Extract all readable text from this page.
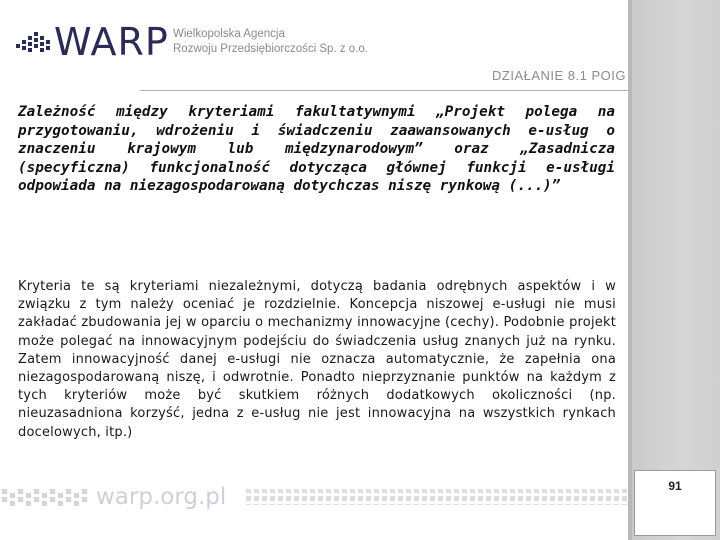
WARP Wielkopolska Agencja
Rozwoju Przedsiębiorczości Sp. z o.o.
DZIAŁANIE 8.1 POIG

Zależność między kryteriami fakultatywnymi „Projekt polega na przygotowaniu, wdrożeniu i świadczeniu zaawansowanych e-usług o znaczeniu krajowym lub międzynarodowym” oraz „Zasadnicza (specyficzna) funkcjonalność dotycząca głównej funkcji e-usługi odpowiada na niezagospodarowaną dotychczas niszę rynkową (...)”

Kryteria te są kryteriami niezależnymi, dotyczą badania odrębnych aspektów i w związku z tym należy oceniać je rozdzielnie. Koncepcja niszowej e-usługi nie musi zakładać zbudowania jej w oparciu o mechanizmy innowacyjne (cechy). Podobnie projekt może polegać na innowacyjnym podejściu do świadczenia usług znanych już na rynku. Zatem innowacyjność danej e-usługi nie oznacza automatycznie, że zapełnia ona niezagospodarowaną niszę, i odwrotnie. Ponadto nieprzyznanie punktów na każdym z tych kryteriów może być skutkiem różnych dodatkowych okoliczności (np. nieuzasadniona korzyść, jedna z e-usług nie jest innowacyjna na wszystkich rynkach docelowych, itp.)

warp.org.pl	91
